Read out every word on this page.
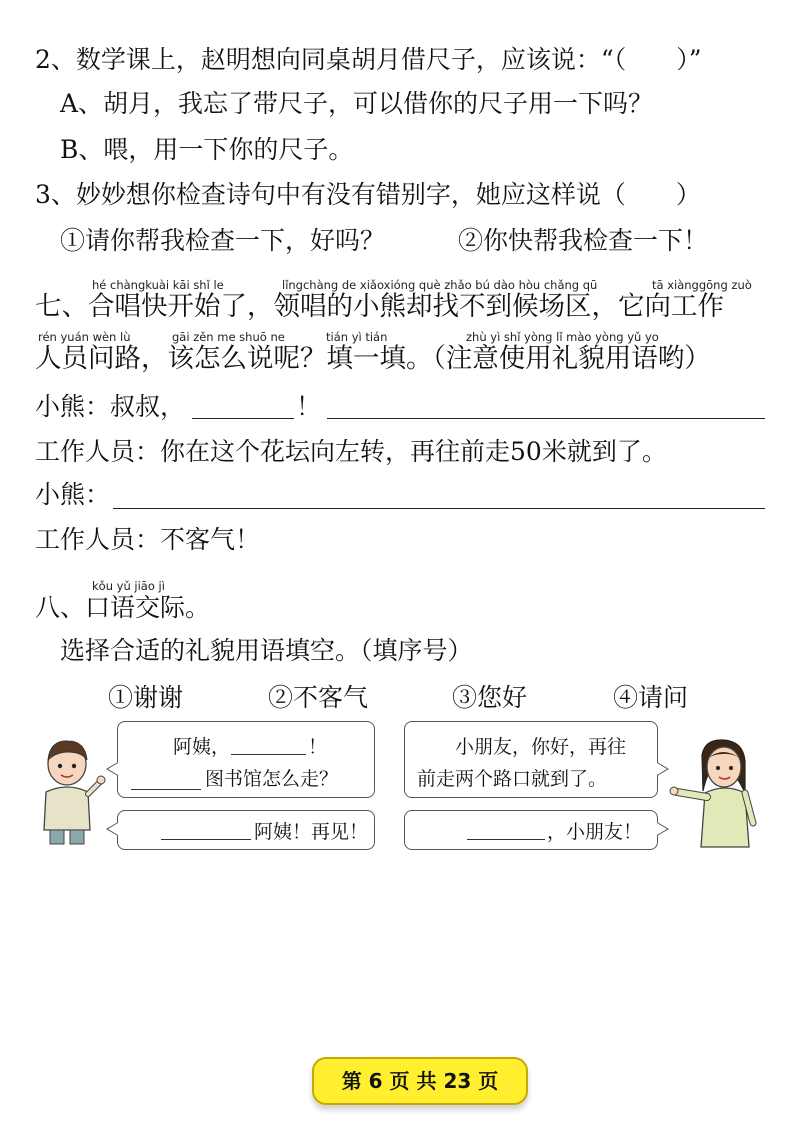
2、数学课上，赵明想向同桌胡月借尺子，应该说：“（　　）”
A、胡月，我忘了带尺子，可以借你的尺子用一下吗？
B、喂，用一下你的尺子。
3、妙妙想你检查诗句中有没有错别字，她应这样说（　　）
①请你帮我检查一下，好吗？	②你快帮我检查一下！
hé chàngkuài kāi shǐ le	lǐngchàng de xiǎoxióng què zhǎo bú dào hòu chǎng qū	tā xiànggōng zuò
七、合唱快开始了，领唱的小熊却找不到候场区，它向工作
rén yuán wèn lù	gāi zěn me shuō ne	tián yì tián	zhù yì shǐ yòng lǐ mào yòng yǔ yo
人员问路，该怎么说呢？填一填。（注意使用礼貌用语哟）
小熊：叔叔，	！
工作人员：你在这个花坛向左转，再往前走50米就到了。
小熊：
工作人员：不客气！
kǒu yǔ jiāo jì
八、口语交际。
选择合适的礼貌用语填空。（填序号）
①谢谢	②不客气	③您好	④请问
阿姨，	！
图书馆怎么走？
小朋友，你好，再往
前走两个路口就到了。
阿姨！再见！	，小朋友！
第 6 页 共 23 页
